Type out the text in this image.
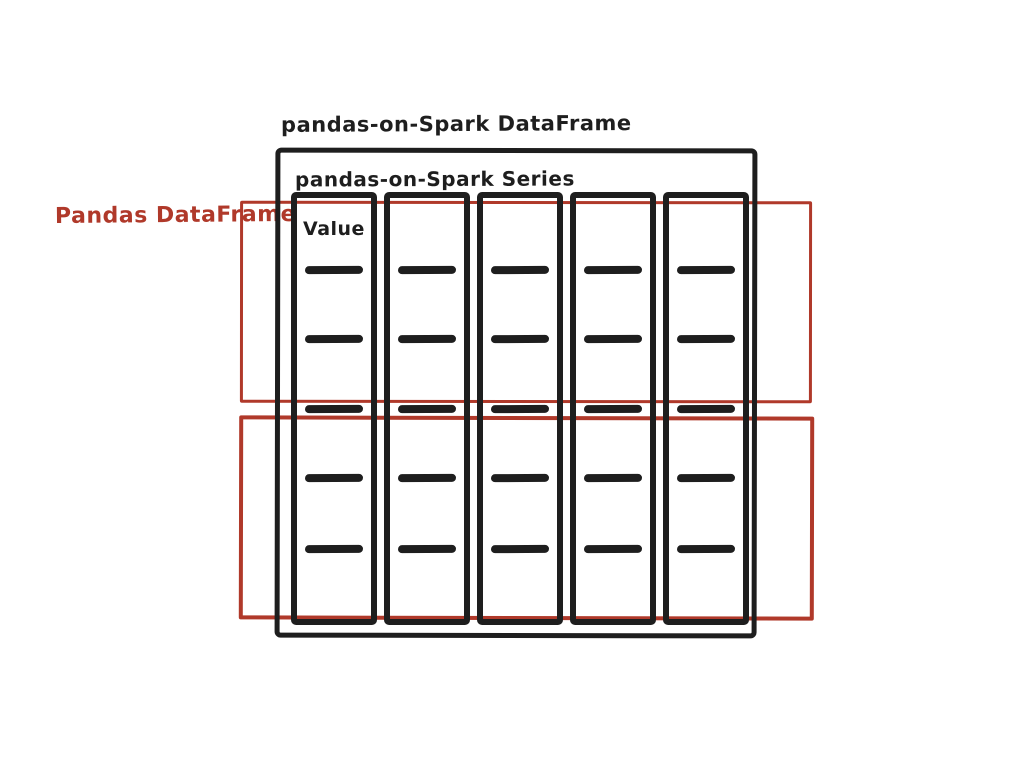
pandas-on-Spark DataFrame
Pandas DataFrame
pandas-on-Spark Series
Value
